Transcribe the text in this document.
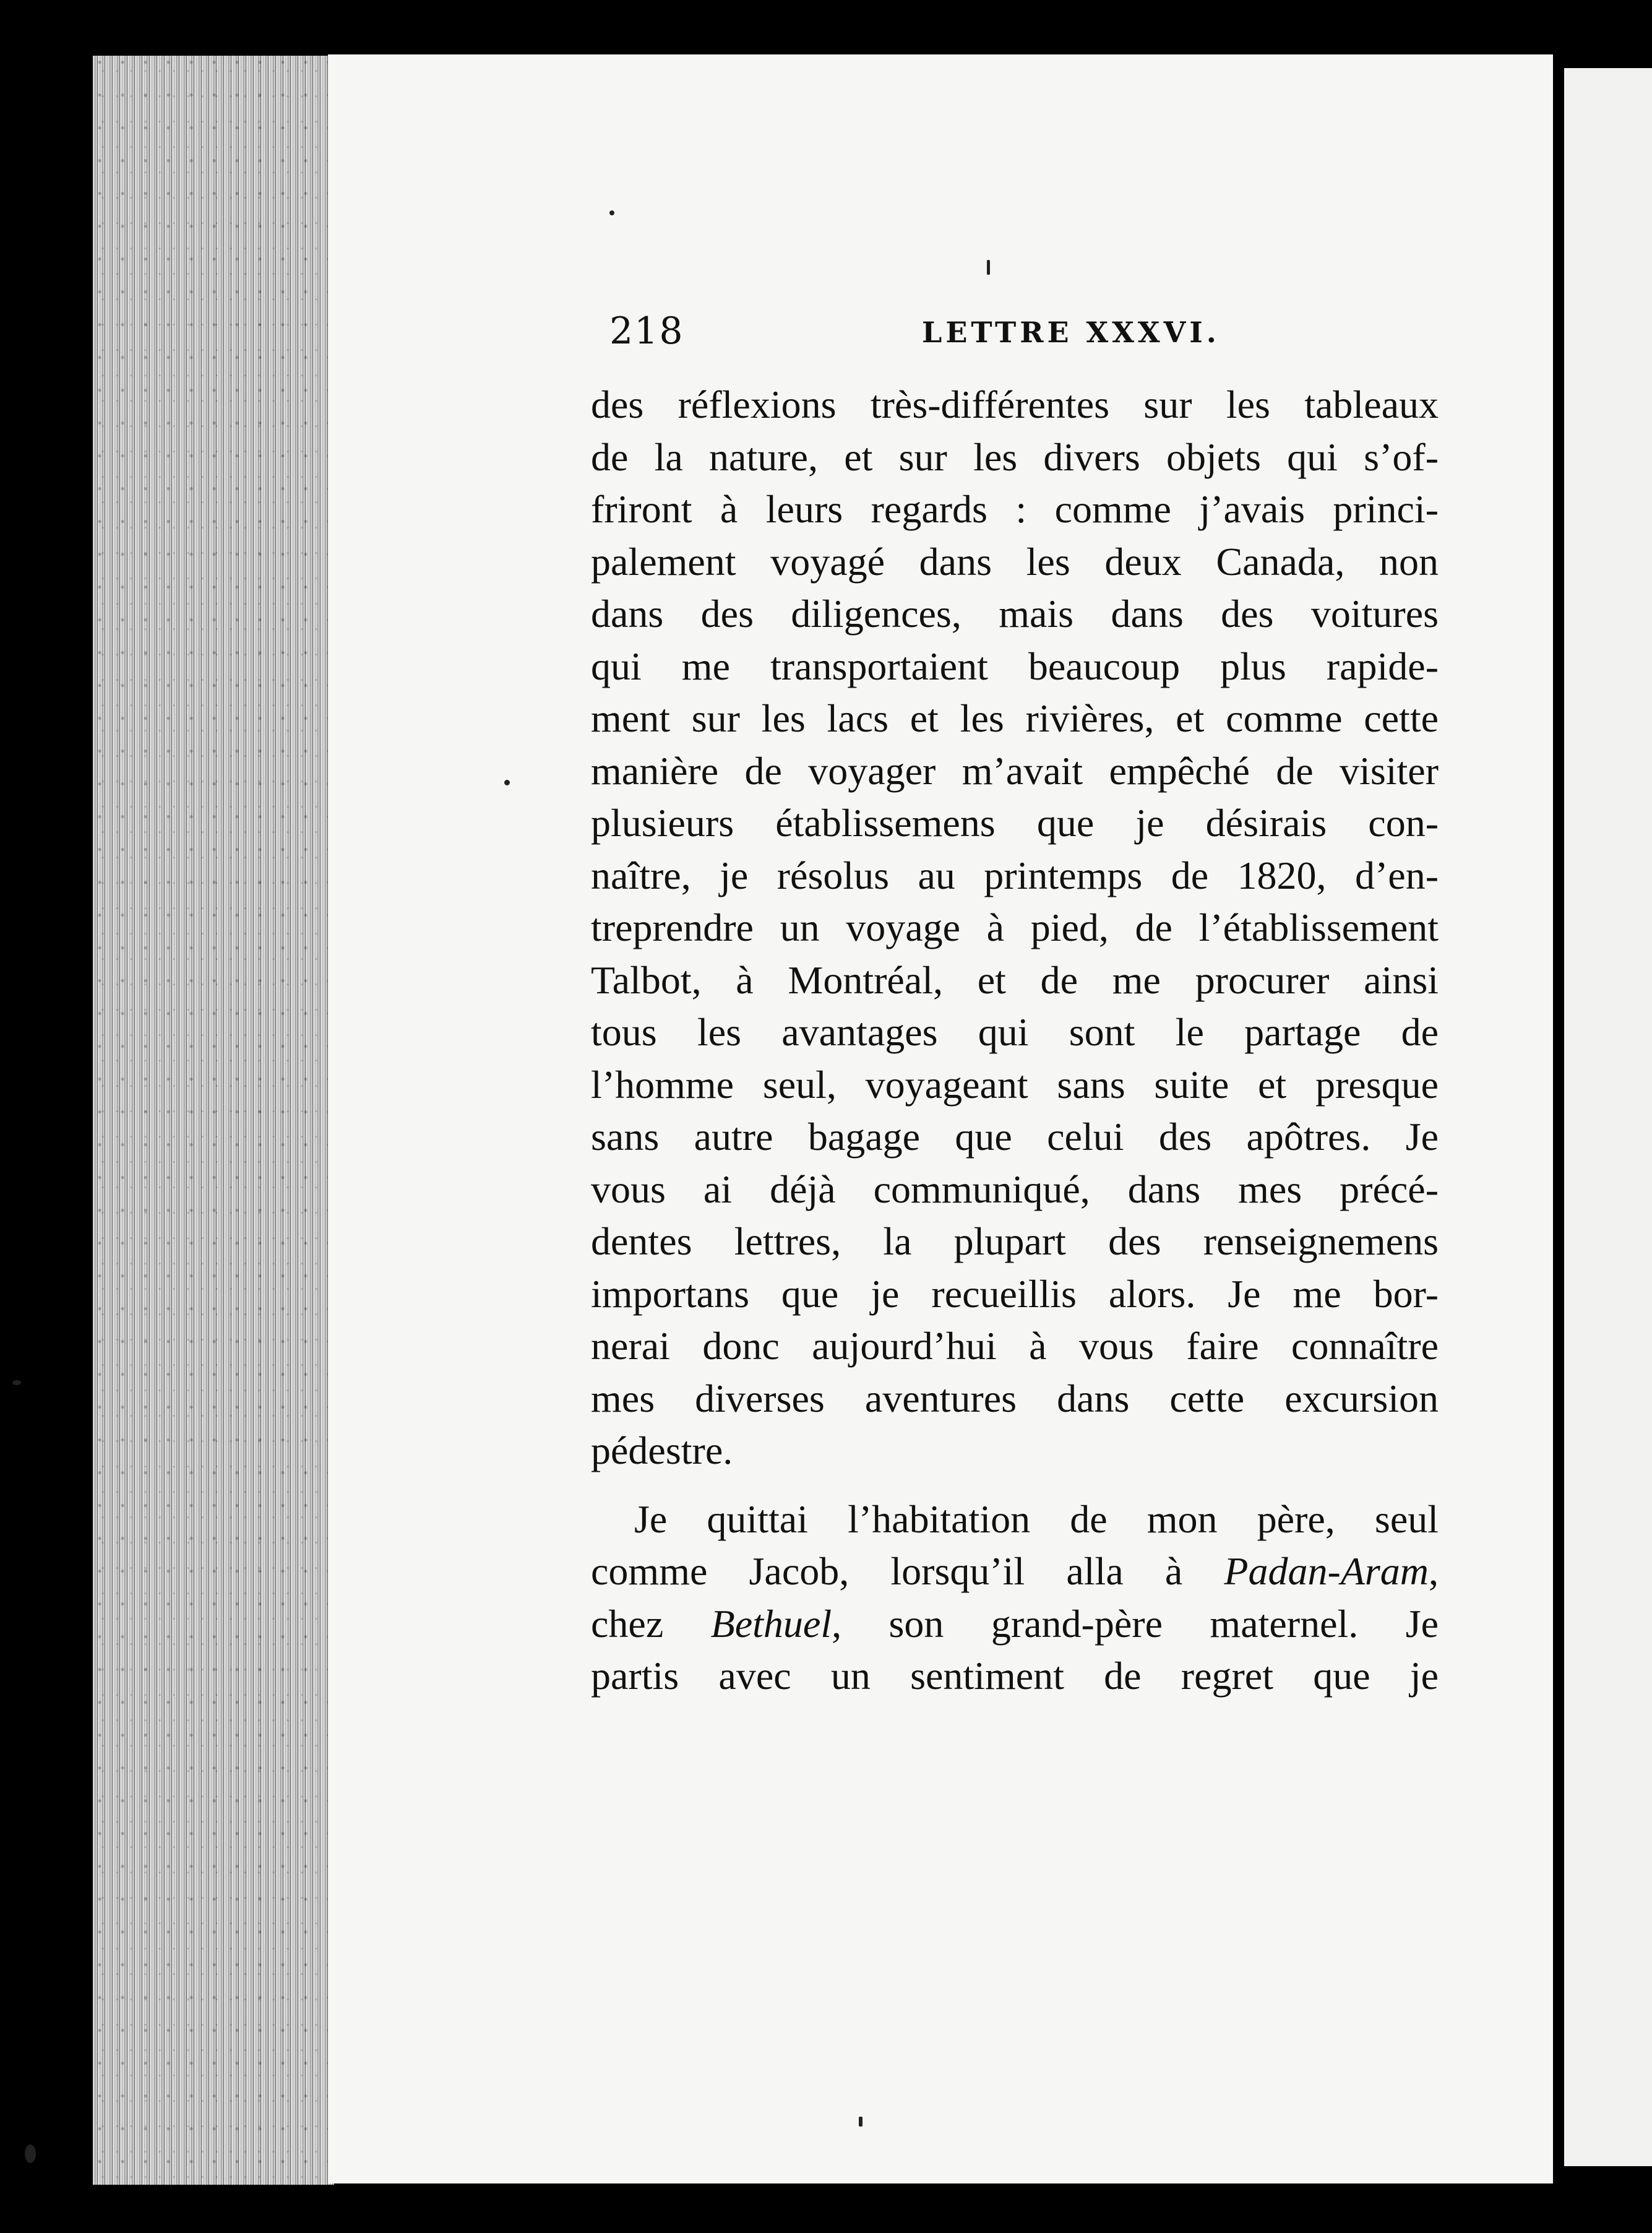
218	LETTRE XXXVI.
des réflexions très-différentes sur les tableaux
de la nature, et sur les divers objets qui s’of-
friront à leurs regards : comme j’avais princi-
palement voyagé dans les deux Canada, non
dans des diligences, mais dans des voitures
qui me transportaient beaucoup plus rapide-
ment sur les lacs et les rivières, et comme cette
manière de voyager m’avait empêché de visiter
plusieurs établissemens que je désirais con-
naître, je résolus au printemps de 1820, d’en-
treprendre un voyage à pied, de l’établissement
Talbot, à Montréal, et de me procurer ainsi
tous les avantages qui sont le partage de
l’homme seul, voyageant sans suite et presque
sans autre bagage que celui des apôtres. Je
vous ai déjà communiqué, dans mes précé-
dentes lettres, la plupart des renseignemens
importans que je recueillis alors. Je me bor-
nerai donc aujourd’hui à vous faire connaître
mes diverses aventures dans cette excursion
pédestre.
Je quittai l’habitation de mon père, seul
comme Jacob, lorsqu’il alla à Padan-Aram,
chez Bethuel, son grand-père maternel. Je
partis avec un sentiment de regret que je
